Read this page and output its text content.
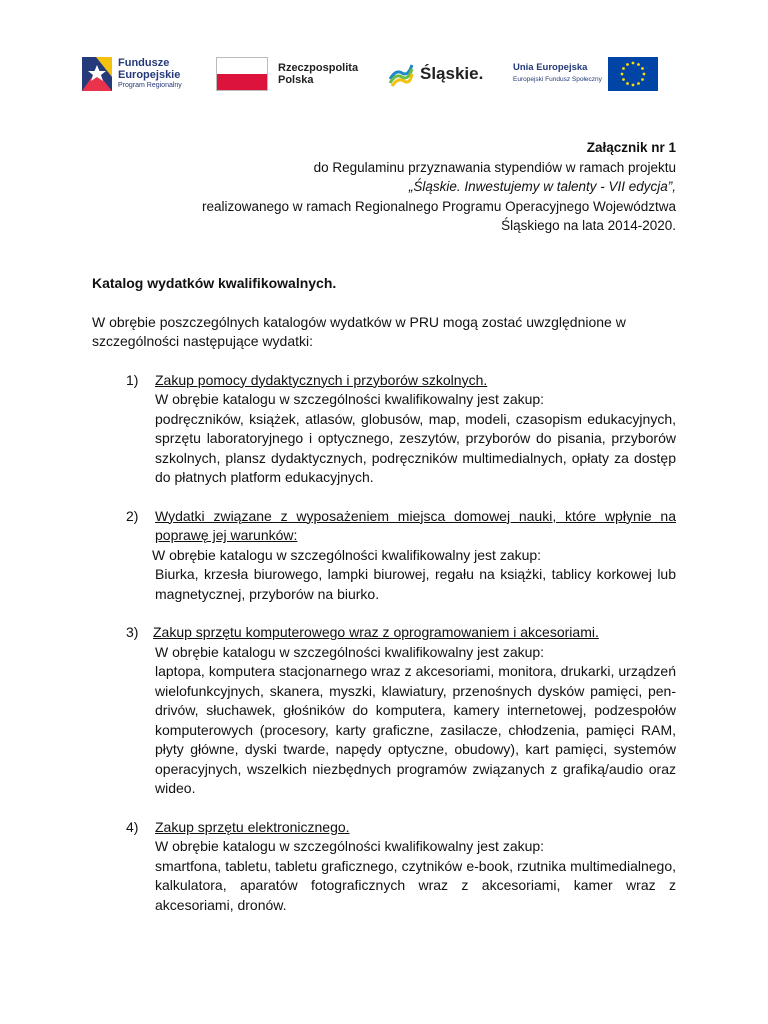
Fundusze
Europejskie
Program Regionalny
Rzeczpospolita
Polska	Śląskie.	Unia Europejska
Europejski Fundusz Społeczny
Załącznik nr 1
do Regulaminu przyznawania stypendiów w ramach projektu
„Śląskie. Inwestujemy w talenty - VII edycja”,
realizowanego w ramach Regionalnego Programu Operacyjnego Województwa
Śląskiego na lata 2014-2020.
Katalog wydatków kwalifikowalnych.
W obrębie poszczególnych katalogów wydatków w PRU mogą zostać uwzględnione w szczególności następujące wydatki:
1)	Zakup pomocy dydaktycznych i przyborów szkolnych.
W obrębie katalogu w szczególności kwalifikowalny jest zakup:
podręczników, książek, atlasów, globusów, map, modeli, czasopism edukacyjnych, sprzętu laboratoryjnego i optycznego, zeszytów, przyborów do pisania, przyborów szkolnych, plansz dydaktycznych, podręczników multimedialnych, opłaty za dostęp do płatnych platform edukacyjnych.
2)	Wydatki związane z wyposażeniem miejsca domowej nauki, które wpłynie na poprawę jej warunków:
W obrębie katalogu w szczególności kwalifikowalny jest zakup:
Biurka, krzesła biurowego, lampki biurowej, regału na książki, tablicy korkowej lub magnetycznej, przyborów na biurko.
3)	Zakup sprzętu komputerowego wraz z oprogramowaniem i akcesoriami.
W obrębie katalogu w szczególności kwalifikowalny jest zakup:
laptopa, komputera stacjonarnego wraz z akcesoriami, monitora, drukarki, urządzeń wielofunkcyjnych, skanera, myszki, klawiatury, przenośnych dysków pamięci, pen-drivów, słuchawek, głośników do komputera, kamery internetowej, podzespołów komputerowych (procesory, karty graficzne, zasilacze, chłodzenia, pamięci RAM, płyty główne, dyski twarde, napędy optyczne, obudowy), kart pamięci, systemów operacyjnych, wszelkich niezbędnych programów związanych z grafiką/audio oraz wideo.
4)	Zakup sprzętu elektronicznego.
W obrębie katalogu w szczególności kwalifikowalny jest zakup:
smartfona, tabletu, tabletu graficznego, czytników e-book, rzutnika multimedialnego, kalkulatora, aparatów fotograficznych wraz z akcesoriami, kamer wraz z akcesoriami, dronów.
